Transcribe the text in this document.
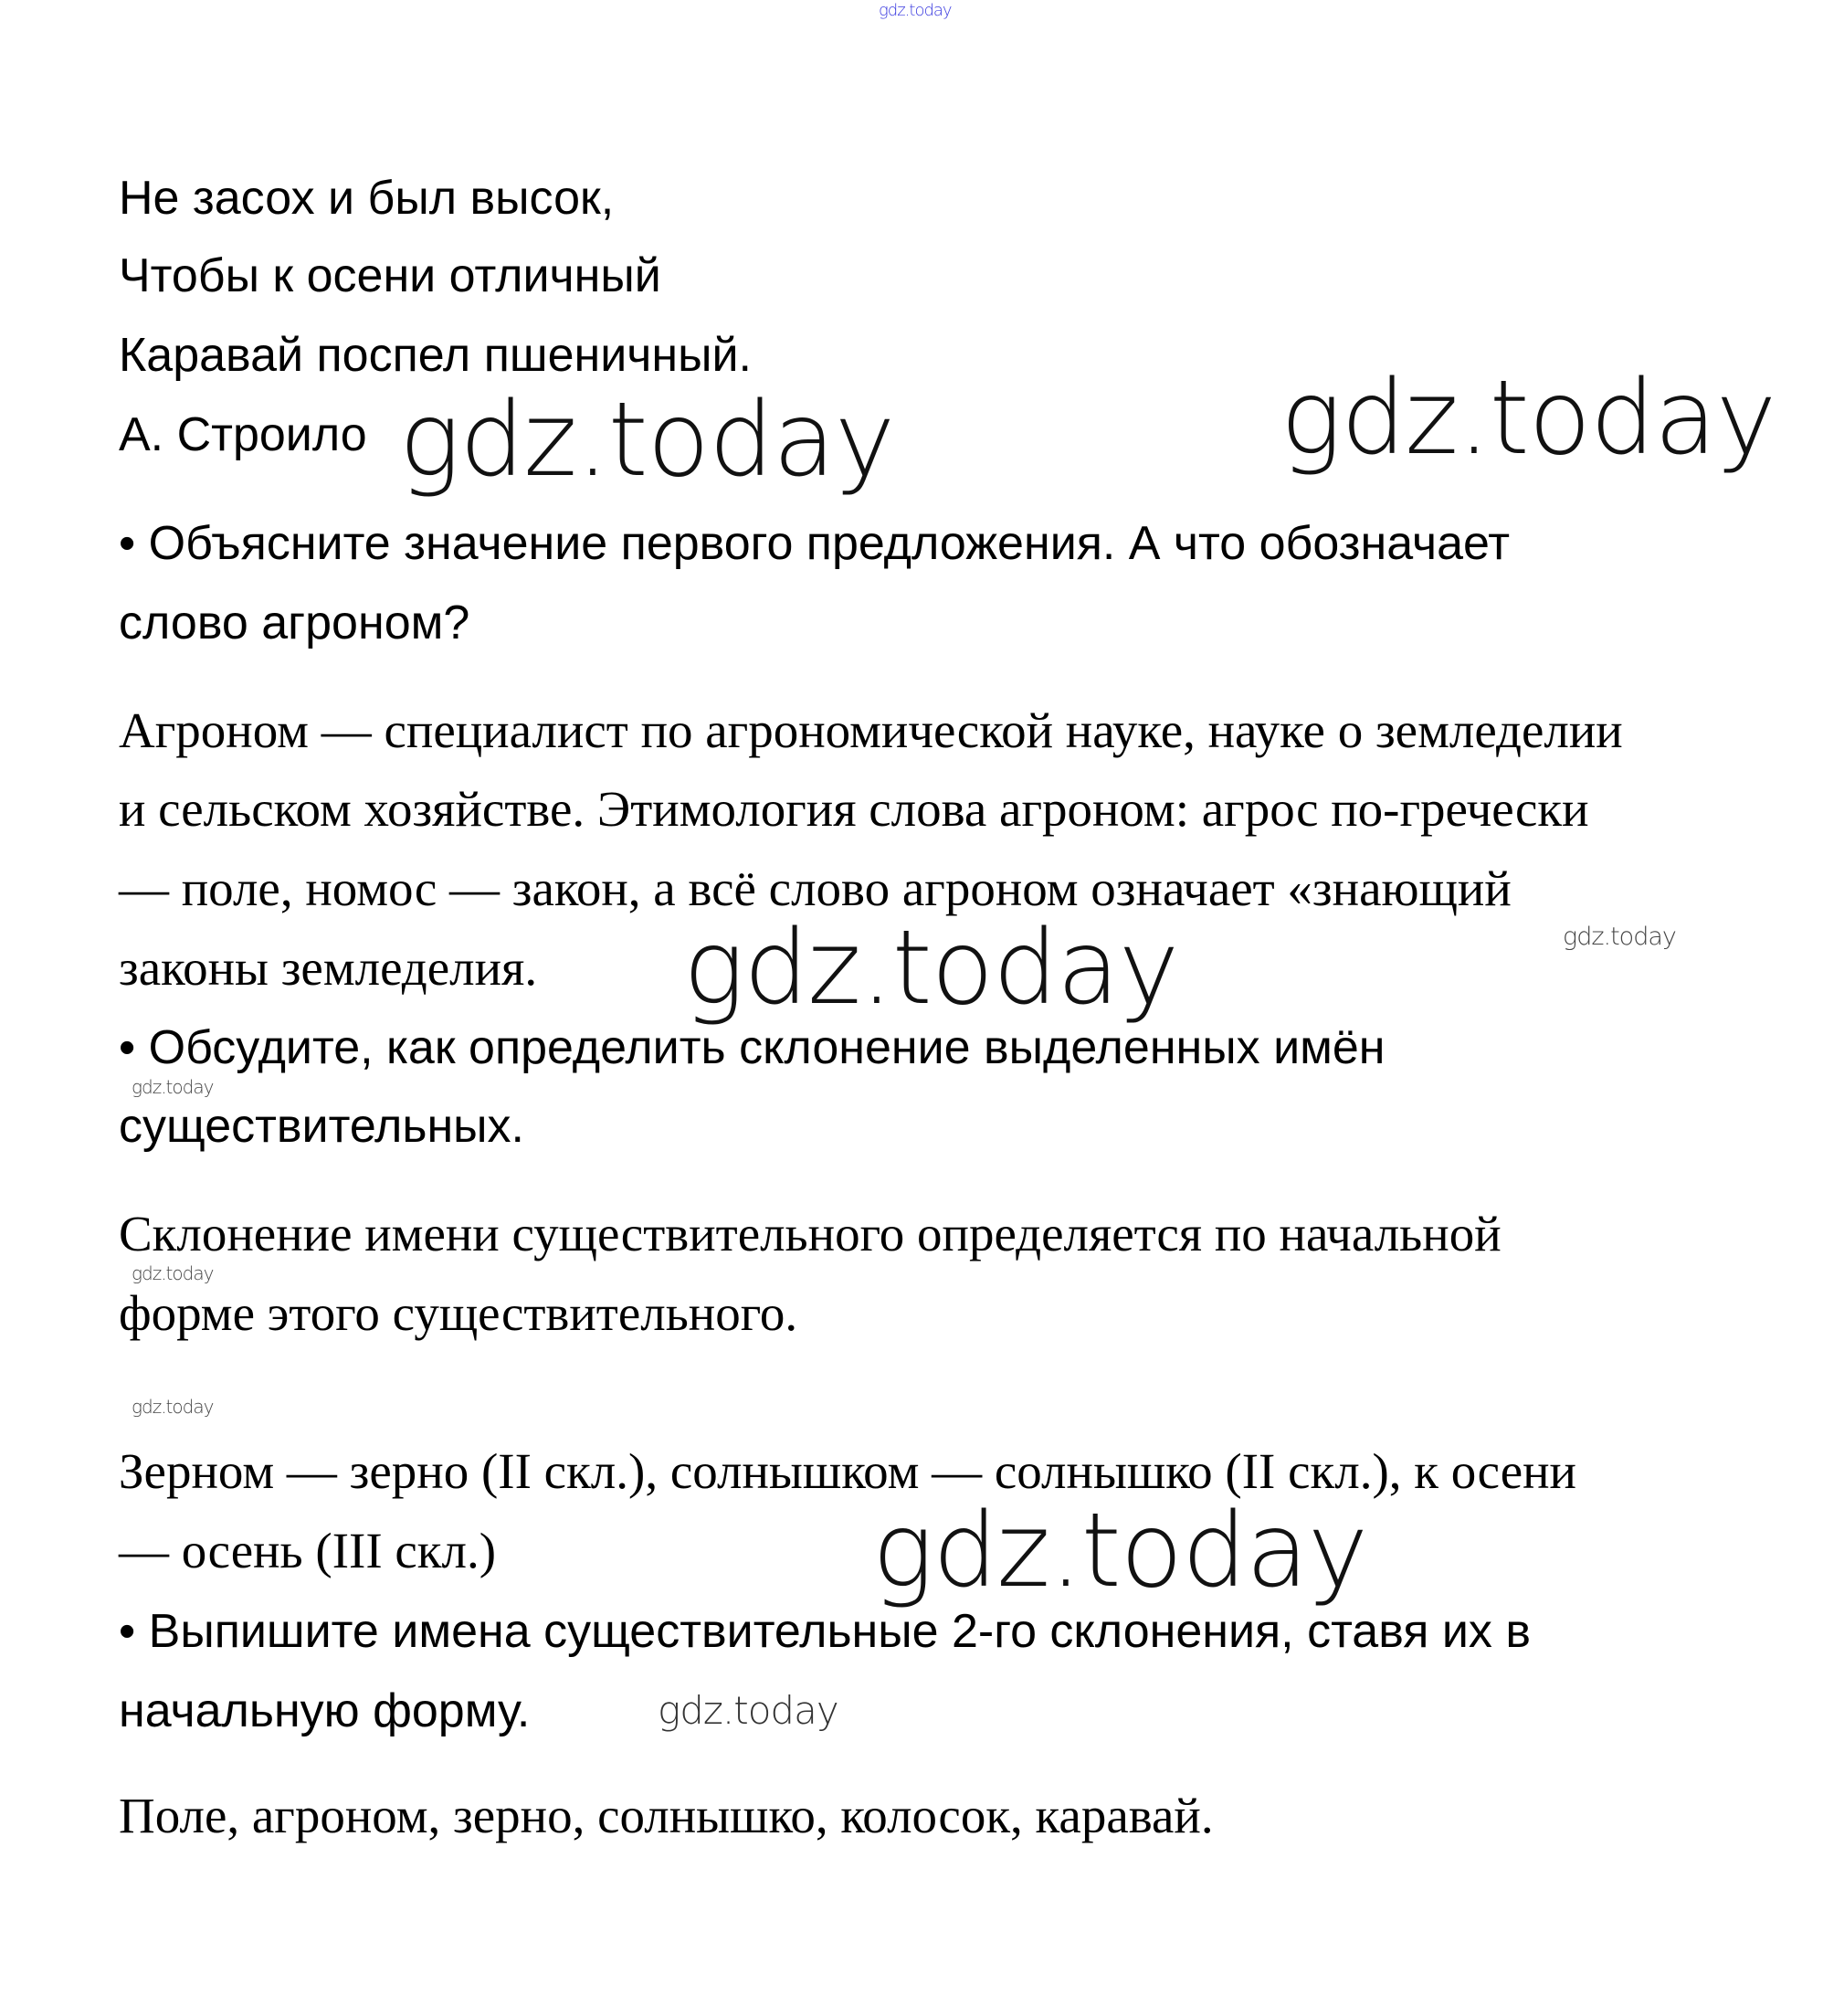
gdz.today
Не засох и был высок,
Чтобы к осени отличный
Каравай поспел пшеничный.
А. Строило gdz.today	gdz.today
• Объясните значение первого предложения. А что обозначает
слово агроном?
Агроном — специалист по агрономической науке, науке о земледелии
и сельском хозяйстве. Этимология слова агроном: агрос по-гречески
— поле, номос — закон, а всё слово агроном означает «знающий
законы земледелия.
gdz.today
gdz.today
• Обсудите, как определить склонение выделенных имён
gdz.today
существительных.
Склонение имени существительного определяется по начальной
gdz.today
форме этого существительного.
gdz.today
Зерном — зерно (II скл.), солнышком — солнышко (II скл.), к осени
— осень (III скл.)	gdz.today
• Выпишите имена существительные 2-го склонения, ставя их в
начальную форму.	gdz.today
Поле, агроном, зерно, солнышко, колосок, каравай.
